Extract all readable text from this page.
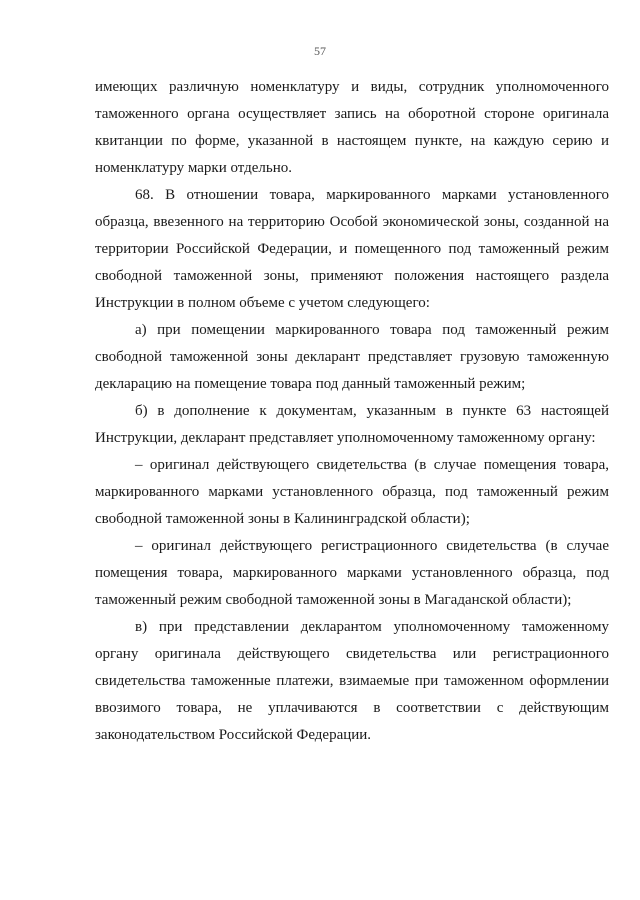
57

имеющих различную номенклатуру и виды, сотрудник уполномоченного таможенного органа осуществляет запись на оборотной стороне оригинала квитанции по форме, указанной в настоящем пункте, на каждую серию и номенклатуру марки отдельно.

68. В отношении товара, маркированного марками установленного образца, ввезенного на территорию Особой экономической зоны, созданной на территории Российской Федерации, и помещенного под таможенный режим свободной таможенной зоны, применяют положения настоящего раздела Инструкции в полном объеме с учетом следующего:

а) при помещении маркированного товара под таможенный режим свободной таможенной зоны декларант представляет грузовую таможенную декларацию на помещение товара под данный таможенный режим;

б) в дополнение к документам, указанным в пункте 63 настоящей Инструкции, декларант представляет уполномоченному таможенному органу:

– оригинал действующего свидетельства (в случае помещения товара, маркированного марками установленного образца, под таможенный режим свободной таможенной зоны в Калининградской области);

– оригинал действующего регистрационного свидетельства (в случае помещения товара, маркированного марками установленного образца, под таможенный режим свободной таможенной зоны в Магаданской области);

в) при представлении декларантом уполномоченному таможенному органу оригинала действующего свидетельства или регистрационного свидетельства таможенные платежи, взимаемые при таможенном оформлении ввозимого товара, не уплачиваются в соответствии с действующим законодательством Российской Федерации.
